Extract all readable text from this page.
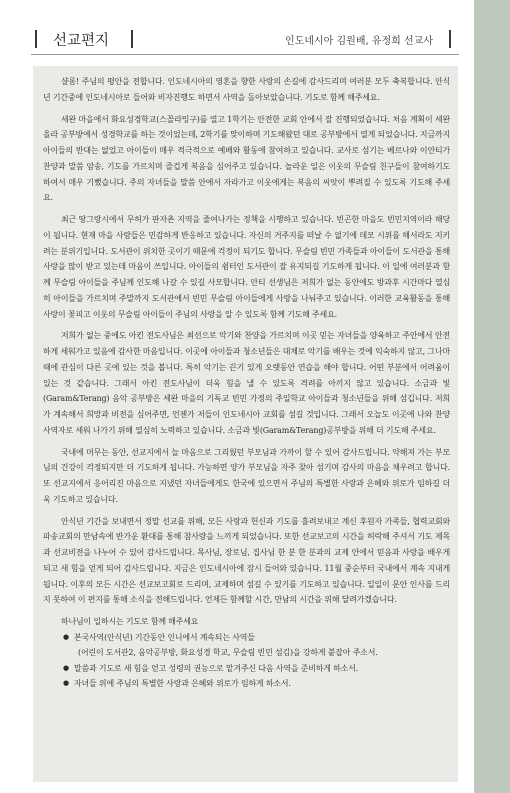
선교편지	인도네시아 김원배, 유정희 선교사

샬롬! 주님의 평안을 전합니다. 인도네시아의 영혼을 향한 사랑의 손길에 감사드리며 여러분 모두 축복합니다. 안식년 기간중에 인도네시아로 들어와 비자진행도 하면서 사역을 돌아보았습니다. 기도로 함께 해주세요.

세완 마을에서 화요성경학교(스꼴라밍구)를 열고 1학기는 안전한 교회 안에서 잘 진행되었습니다. 처음 계획이 세완 올라 공부방에서 성경학교를 하는 것이었는데, 2학기를 맞이하며 기도해왔던 대로 공부방에서 열게 되었습니다. 지금까지 아이들의 반대는 없었고 아이들이 매우 적극적으로 예배와 활동에 참여하고 있습니다. 교사로 섬기는 베르나와 이안티가 찬양과 말씀 암송, 기도를 가르치며 즐겁게 복음을 심어주고 있습니다. 놀라운 일은 이웃의 무슬림 친구들이 참여하기도 하여서 매우 기뻤습니다. 주의 자녀들을 말씀 안에서 자라가고 이웃에게는 복음의 씨앗이 뿌려질 수 있도록 기도해 주세요.

최근 땅그랑시에서 무허가 판자촌 지역을 줄여나가는 정책을 시행하고 있습니다. 빈곤한 마을도 빈민지역이라 해당이 됩니다. 현재 마을 사람들은 민감하게 반응하고 있습니다. 자신의 거주지를 떠날 수 없기에 데모 시위를 해서라도 지키려는 분위기입니다. 도서관이 위치한 곳이기 때문에 걱정이 되기도 합니다. 무슬림 빈민 가족들과 아이들이 도서관을 통해 사랑을 많이 받고 있는데 마음이 쓰입니다. 아이들의 쉼터인 도서관이 잘 유지되길 기도하게 됩니다. 이 일에 여러분과 함께 무슬림 아이들을 주님께 인도해 나갈 수 있길 사모합니다. 안티 선생님은 저희가 없는 동안에도 방과후 시간마다 열심히 아이들을 가르치며 주말까지 도서관에서 빈민 무슬림 아이들에게 사랑을 나눠주고 있습니다. 이러한 교육활동을 통해 사랑이 꽃피고 이웃의 무슬림 아이들이 주님의 사랑을 알 수 있도록 함께 기도해 주세요.

저희가 없는 중에도 아킨 전도사님은 최선으로 악기와 찬양을 가르치며 이곳 믿는 자녀들을 양육하고 주안에서 안전하게 세워가고 있음에 감사한 마음입니다. 이곳에 아이들과 청소년들은 대체로 악기를 배우는 것에 익숙하지 않고, 그나마 때에 관심이 다른 곳에 있는 것을 봅니다. 특히 악기는 끈기 있게 오랫동안 연습을 해야 합니다. 어떤 부분에서 어려움이 있는 것 같습니다. 그래서 아킨 전도사님이 더욱 힘을 낼 수 있도록 격려를 아끼지 않고 있습니다. 소금과 빛 (Garam&Terang) 음악 공부방은 세완 마을의 기독교 빈민 가정의 주일학교 아이들과 청소년들을 위해 섬깁니다. 저희가 계속해서 희망과 비전을 심어주면, 언젠가 저들이 인도네시아 교회를 섬길 것입니다. 그래서 오늘도 이곳에 나와 찬양 사역자로 세워 나가기 위해 열심히 노력하고 있습니다. 소금과 빛(Garam&Terang)공부방을 위해 더 기도해 주세요.

국내에 머무는 동안, 선교지에서 늘 마음으로 그리웠던 부모님과 가까이 할 수 있어 감사드립니다. 약해져 가는 부모님의 건강이 걱정되지만 더 기도하게 됩니다. 가능하면 양가 부모님을 자주 찾아 섬기며 감사의 마음을 채우려고 합니다. 또 선교지에서 응어리진 마음으로 지냈던 자녀들에게도 한국에 있으면서 주님의 특별한 사랑과 은혜와 위로가 임하길 더욱 기도하고 있습니다.

안식년 기간을 보내면서 정말 선교를 위해, 모든 사랑과 헌신과 기도를 흘려보내고 계신 후원자 가족들, 협력교회와 파송교회의 만남속에 반가운 환대를 통해 참사랑을 느끼게 되었습니다. 또한 선교보고의 시간을 허락해 주셔서 기도 제목과 선교비전을 나누어 수 있어 감사드립니다. 목사님, 장로님, 집사님 한 분 한 분과의 교제 안에서 믿음과 사랑을 배우게 되고 새 힘을 얻게 되어 감사드립니다. 지금은 인도네시아에 잠시 들어와 있습니다. 11월 중순부터 국내에서 계속 지내게 됩니다. 이후의 모든 시간은 선교보고회로 드리며, 교제하며 섬길 수 있기를 기도하고 있습니다. 일일이 문안 인사를 드리지 못하여 이 편지를 통해 소식을 전해드립니다. 언제든 함께할 시간, 만남의 시간을 위해 달려가겠습니다.

하나님이 일하시는 기도로 함께 해주세요

● 본국사역(안식년) 기간동안 인니에서 계속되는 사역들
(어린이 도서관2, 음악공부방, 화요성경 학교, 무슬림 빈민 섬김)을 강하게 붙잡아 주소서.
● 말씀과 기도로 새 힘을 얻고 성령의 권능으로 맡겨주신 다음 사역을 준비하게 하소서.
● 자녀들 위에 주님의 특별한 사랑과 은혜와 위로가 임하게 하소서.
